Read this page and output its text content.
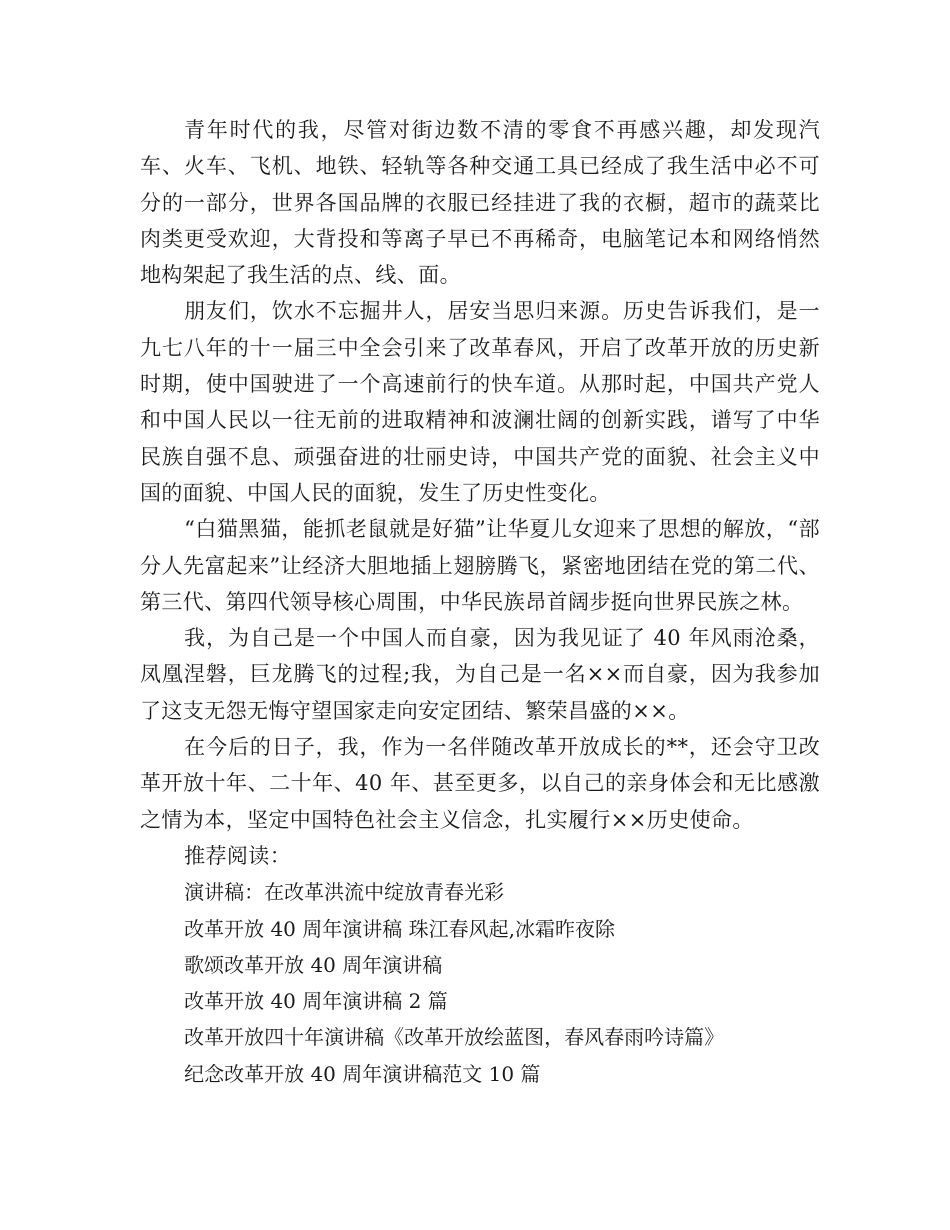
青年时代的我，尽管对街边数不清的零食不再感兴趣，却发现汽车、火车、飞机、地铁、轻轨等各种交通工具已经成了我生活中必不可分的一部分，世界各国品牌的衣服已经挂进了我的衣橱，超市的蔬菜比肉类更受欢迎，大背投和等离子早已不再稀奇，电脑笔记本和网络悄然地构架起了我生活的点、线、面。

朋友们，饮水不忘掘井人，居安当思归来源。历史告诉我们，是一九七八年的十一届三中全会引来了改革春风，开启了改革开放的历史新时期，使中国驶进了一个高速前行的快车道。从那时起，中国共产党人和中国人民以一往无前的进取精神和波澜壮阔的创新实践，谱写了中华民族自强不息、顽强奋进的壮丽史诗，中国共产党的面貌、社会主义中国的面貌、中国人民的面貌，发生了历史性变化。

“白猫黑猫，能抓老鼠就是好猫”让华夏儿女迎来了思想的解放，“部分人先富起来”让经济大胆地插上翅膀腾飞，紧密地团结在党的第二代、第三代、第四代领导核心周围，中华民族昂首阔步挺向世界民族之林。

我，为自己是一个中国人而自豪，因为我见证了 40 年风雨沧桑，凤凰涅磐，巨龙腾飞的过程;我，为自己是一名××而自豪，因为我参加了这支无怨无悔守望国家走向安定团结、繁荣昌盛的××。

在今后的日子，我，作为一名伴随改革开放成长的**，还会守卫改革开放十年、二十年、40 年、甚至更多，以自己的亲身体会和无比感激之情为本，坚定中国特色社会主义信念，扎实履行××历史使命。

推荐阅读：

演讲稿：在改革洪流中绽放青春光彩
改革开放 40 周年演讲稿 珠江春风起,冰霜昨夜除
歌颂改革开放 40 周年演讲稿
改革开放 40 周年演讲稿 2 篇
改革开放四十年演讲稿《改革开放绘蓝图，春风春雨吟诗篇》
纪念改革开放 40 周年演讲稿范文 10 篇
